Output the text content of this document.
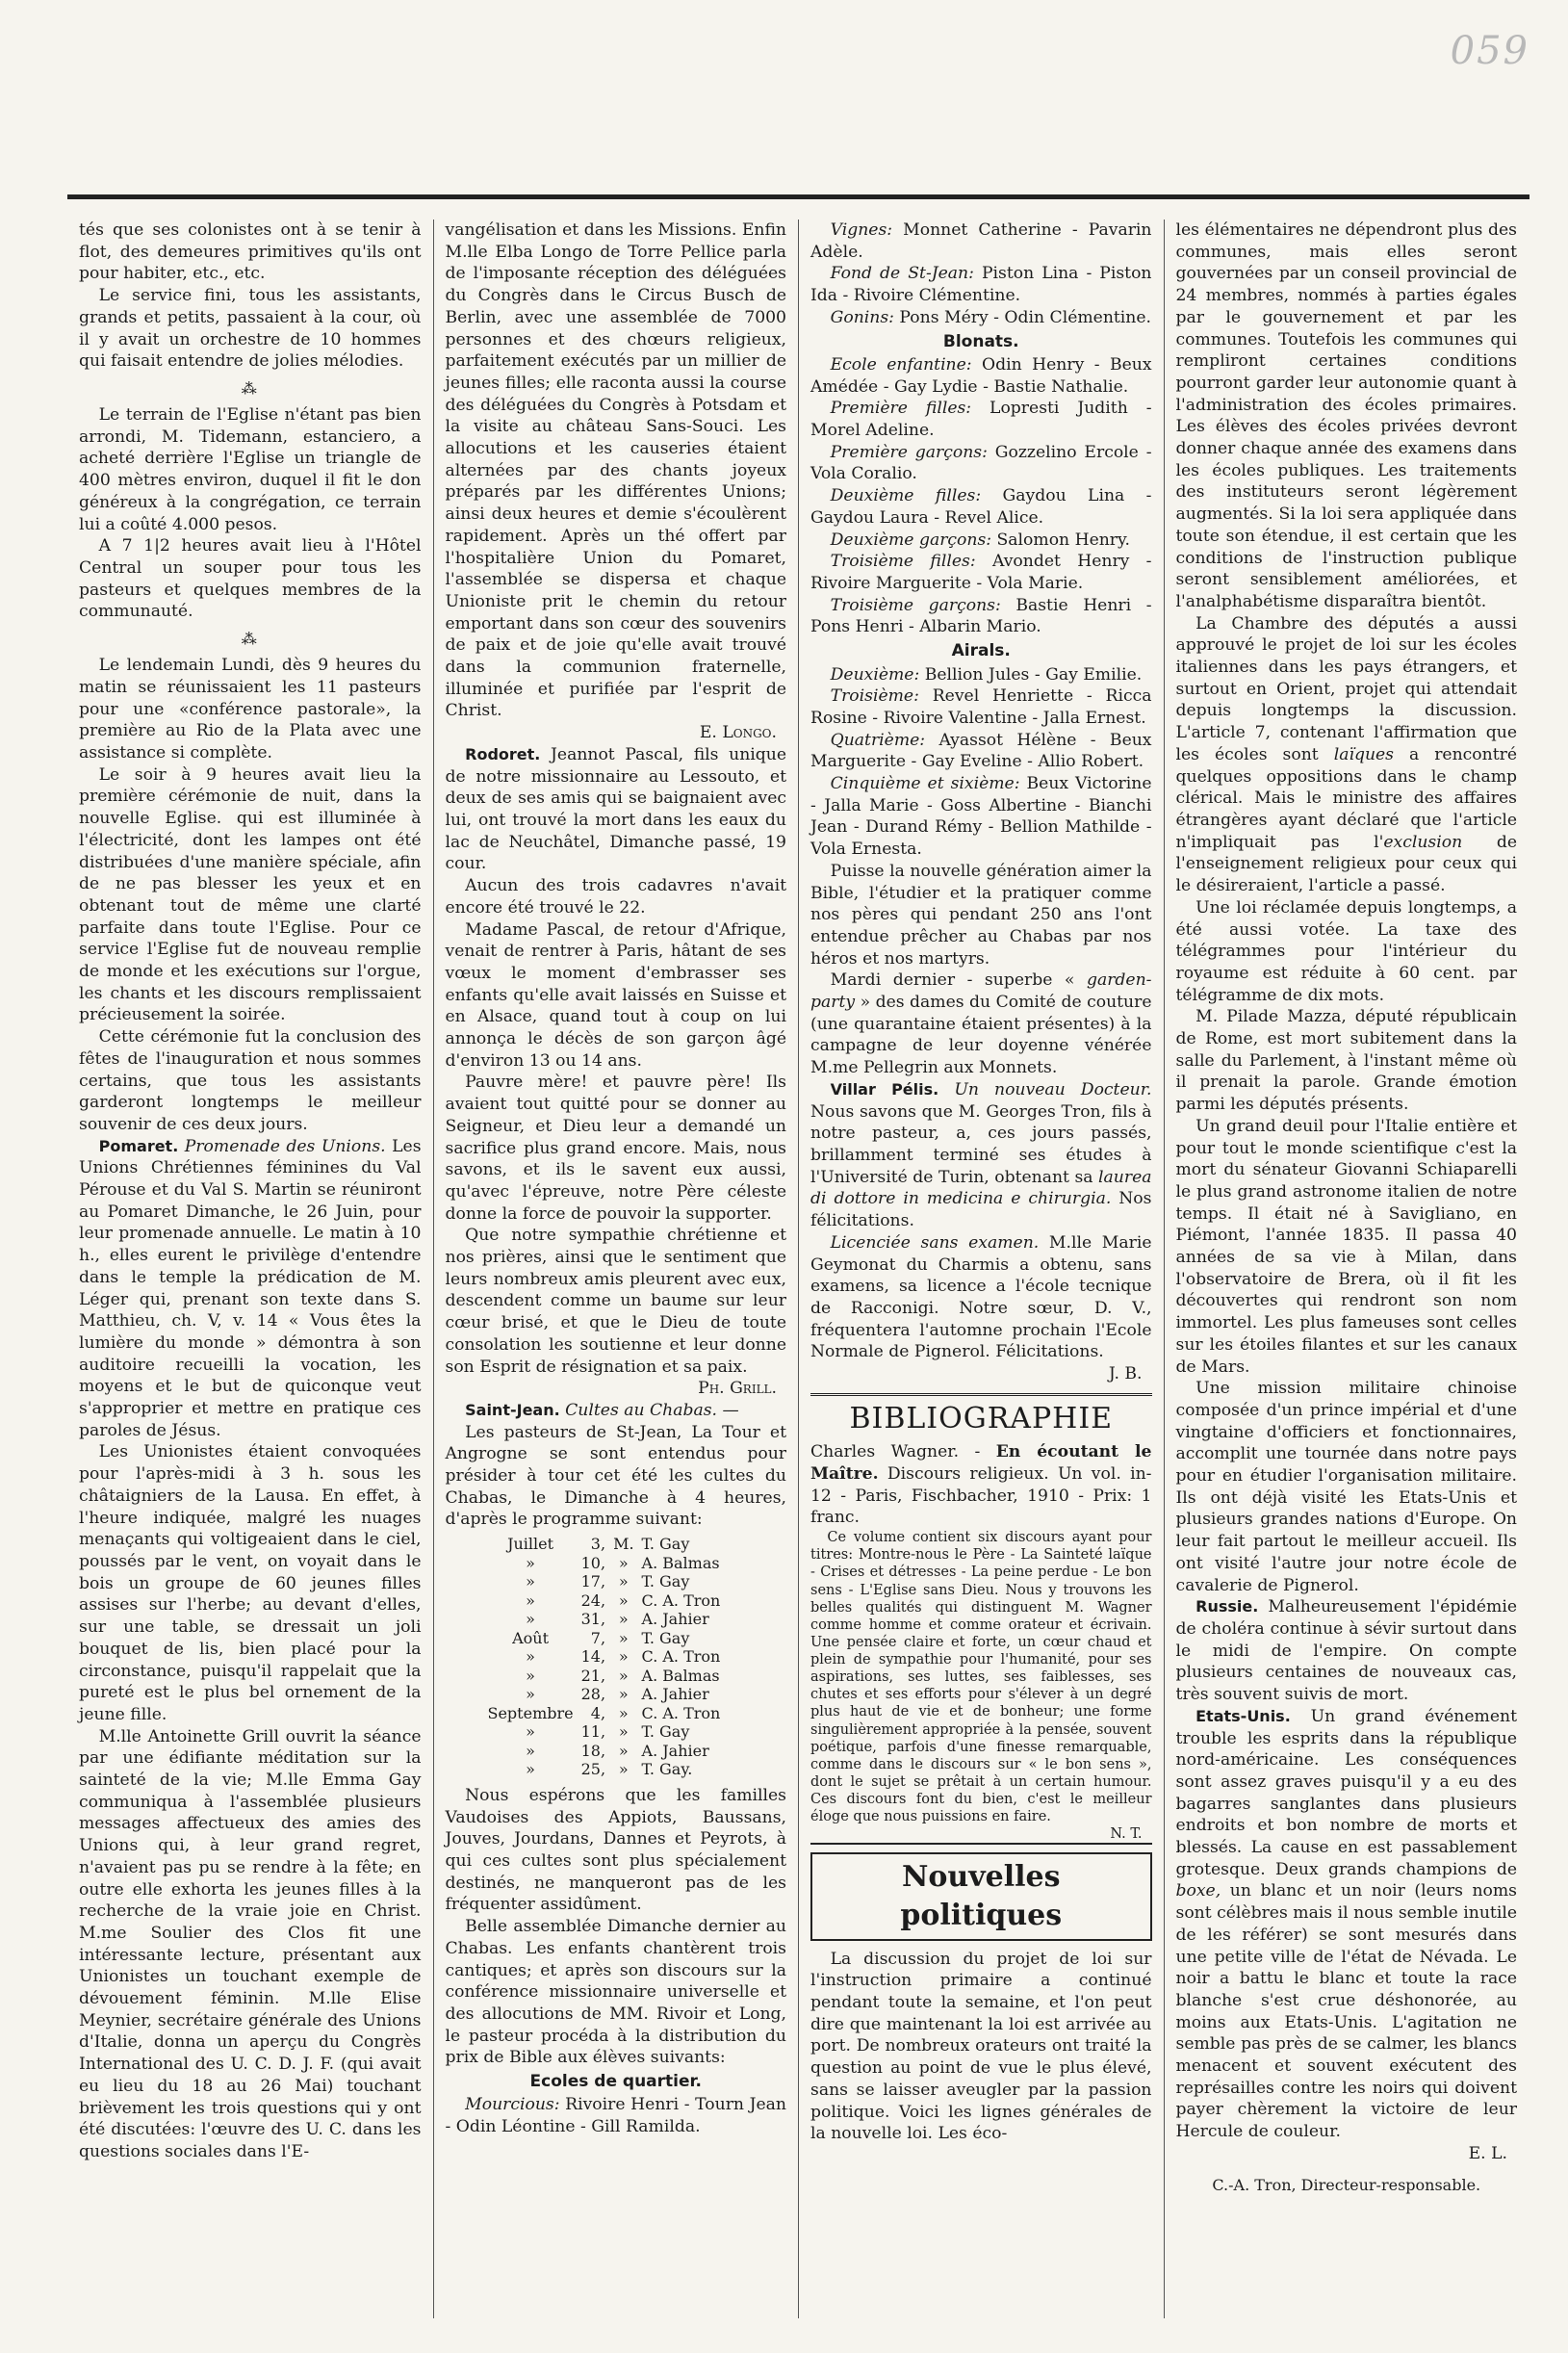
059

tés que ses colonistes ont à se tenir à flot, des demeures primitives qu'ils ont pour habiter, etc., etc.

Le service fini, tous les assistants, grands et petits, passaient à la cour, où il y avait un orchestre de 10 hommes qui faisait entendre de jolies mélodies.

⁂

Le terrain de l'Eglise n'étant pas bien arrondi, M. Tidemann, estanciero, a acheté derrière l'Eglise un triangle de 400 mètres environ, duquel il fit le don généreux à la congrégation, ce terrain lui a coûté 4.000 pesos.

A 7 1|2 heures avait lieu à l'Hôtel Central un souper pour tous les pasteurs et quelques membres de la communauté.

⁂

Le lendemain Lundi, dès 9 heures du matin se réunissaient les 11 pasteurs pour une «conférence pastorale», la première au Rio de la Plata avec une assistance si complète.

Le soir à 9 heures avait lieu la première cérémonie de nuit, dans la nouvelle Eglise. qui est illuminée à l'électricité, dont les lampes ont été distribuées d'une manière spéciale, afin de ne pas blesser les yeux et en obtenant tout de même une clarté parfaite dans toute l'Eglise. Pour ce service l'Eglise fut de nouveau remplie de monde et les exécutions sur l'orgue, les chants et les discours remplissaient précieusement la soirée.

Cette cérémonie fut la conclusion des fêtes de l'inauguration et nous sommes certains, que tous les assistants garderont longtemps le meilleur souvenir de ces deux jours.

Pomaret. Promenade des Unions. Les Unions Chrétiennes féminines du Val Pérouse et du Val S. Martin se réuniront au Pomaret Dimanche, le 26 Juin, pour leur promenade annuelle. Le matin à 10 h., elles eurent le privilège d'entendre dans le temple la prédication de M. Léger qui, prenant son texte dans S. Matthieu, ch. V, v. 14 « Vous êtes la lumière du monde » démontra à son auditoire recueilli la vocation, les moyens et le but de quiconque veut s'approprier et mettre en pratique ces paroles de Jésus.

Les Unionistes étaient convoquées pour l'après-midi à 3 h. sous les châtaigniers de la Lausa. En effet, à l'heure indiquée, malgré les nuages menaçants qui voltigeaient dans le ciel, poussés par le vent, on voyait dans le bois un groupe de 60 jeunes filles assises sur l'herbe; au devant d'elles, sur une table, se dressait un joli bouquet de lis, bien placé pour la circonstance, puisqu'il rappelait que la pureté est le plus bel ornement de la jeune fille.

M.lle Antoinette Grill ouvrit la séance par une édifiante méditation sur la sainteté de la vie; M.lle Emma Gay communiqua à l'assemblée plusieurs messages affectueux des amies des Unions qui, à leur grand regret, n'avaient pas pu se rendre à la fête; en outre elle exhorta les jeunes filles à la recherche de la vraie joie en Christ. M.me Soulier des Clos fit une intéressante lecture, présentant aux Unionistes un touchant exemple de dévouement féminin. M.lle Elise Meynier, secrétaire générale des Unions d'Italie, donna un aperçu du Congrès International des U. C. D. J. F. (qui avait eu lieu du 18 au 26 Mai) touchant brièvement les trois questions qui y ont été discutées: l'œuvre des U. C. dans les questions sociales dans l'E-

vangélisation et dans les Missions. Enfin M.lle Elba Longo de Torre Pellice parla de l'imposante réception des déléguées du Congrès dans le Circus Busch de Berlin, avec une assemblée de 7000 personnes et des chœurs religieux, parfaitement exécutés par un millier de jeunes filles; elle raconta aussi la course des déléguées du Congrès à Potsdam et la visite au château Sans-Souci. Les allocutions et les causeries étaient alternées par des chants joyeux préparés par les différentes Unions; ainsi deux heures et demie s'écoulèrent rapidement. Après un thé offert par l'hospitalière Union du Pomaret, l'assemblée se dispersa et chaque Unioniste prit le chemin du retour emportant dans son cœur des souvenirs de paix et de joie qu'elle avait trouvé dans la communion fraternelle, illuminée et purifiée par l'esprit de Christ.

E. Longo.

Rodoret. Jeannot Pascal, fils unique de notre missionnaire au Lessouto, et deux de ses amis qui se baignaient avec lui, ont trouvé la mort dans les eaux du lac de Neuchâtel, Dimanche passé, 19 cour.

Aucun des trois cadavres n'avait encore été trouvé le 22.

Madame Pascal, de retour d'Afrique, venait de rentrer à Paris, hâtant de ses vœux le moment d'embrasser ses enfants qu'elle avait laissés en Suisse et en Alsace, quand tout à coup on lui annonça le décès de son garçon âgé d'environ 13 ou 14 ans.

Pauvre mère! et pauvre père! Ils avaient tout quitté pour se donner au Seigneur, et Dieu leur a demandé un sacrifice plus grand encore. Mais, nous savons, et ils le savent eux aussi, qu'avec l'épreuve, notre Père céleste donne la force de pouvoir la supporter.

Que notre sympathie chrétienne et nos prières, ainsi que le sentiment que leurs nombreux amis pleurent avec eux, descendent comme un baume sur leur cœur brisé, et que le Dieu de toute consolation les soutienne et leur donne son Esprit de résignation et sa paix.

Ph. Grill.

Saint-Jean. Cultes au Chabas. —

Les pasteurs de St-Jean, La Tour et Angrogne se sont entendus pour présider à tour cet été les cultes du Chabas, le Dimanche à 4 heures, d'après le programme suivant:

Juillet	3,	M.	T. Gay
»	10,	»	A. Balmas
»	17,	»	T. Gay
»	24,	»	C. A. Tron
»	31,	»	A. Jahier
Août	7,	»	T. Gay
»	14,	»	C. A. Tron
»	21,	»	A. Balmas
»	28,	»	A. Jahier
Septembre	4,	»	C. A. Tron
»	11,	»	T. Gay
»	18,	»	A. Jahier
»	25,	»	T. Gay.

Nous espérons que les familles Vaudoises des Appiots, Baussans, Jouves, Jourdans, Dannes et Peyrots, à qui ces cultes sont plus spécialement destinés, ne manqueront pas de les fréquenter assidûment.

Belle assemblée Dimanche dernier au Chabas. Les enfants chantèrent trois cantiques; et après son discours sur la conférence missionnaire universelle et des allocutions de MM. Rivoir et Long, le pasteur procéda à la distribution du prix de Bible aux élèves suivants:

Ecoles de quartier.

Mourcious: Rivoire Henri - Tourn Jean - Odin Léontine - Gill Ramilda.

Vignes: Monnet Catherine - Pavarin Adèle.

Fond de St-Jean: Piston Lina - Piston Ida - Rivoire Clémentine.

Gonins: Pons Méry - Odin Clémentine.

Blonats.

Ecole enfantine: Odin Henry - Beux Amédée - Gay Lydie - Bastie Nathalie.

Première filles: Lopresti Judith - Morel Adeline.

Première garçons: Gozzelino Ercole - Vola Coralio.

Deuxième filles: Gaydou Lina - Gaydou Laura - Revel Alice.

Deuxième garçons: Salomon Henry.

Troisième filles: Avondet Henry - Rivoire Marguerite - Vola Marie.

Troisième garçons: Bastie Henri - Pons Henri - Albarin Mario.

Airals.

Deuxième: Bellion Jules - Gay Emilie.

Troisième: Revel Henriette - Ricca Rosine - Rivoire Valentine - Jalla Ernest.

Quatrième: Ayassot Hélène - Beux Marguerite - Gay Eveline - Allio Robert.

Cinquième et sixième: Beux Victorine - Jalla Marie - Goss Albertine - Bianchi Jean - Durand Rémy - Bellion Mathilde - Vola Ernesta.

Puisse la nouvelle génération aimer la Bible, l'étudier et la pratiquer comme nos pères qui pendant 250 ans l'ont entendue prêcher au Chabas par nos héros et nos martyrs.

Mardi dernier - superbe « garden-party » des dames du Comité de couture (une quarantaine étaient présentes) à la campagne de leur doyenne vénérée M.me Pellegrin aux Monnets.

Villar Pélis. Un nouveau Docteur. Nous savons que M. Georges Tron, fils à notre pasteur, a, ces jours passés, brillamment terminé ses études à l'Université de Turin, obtenant sa laurea di dottore in medicina e chirurgia. Nos félicitations.

Licenciée sans examen. M.lle Marie Geymonat du Charmis a obtenu, sans examens, sa licence a l'école tecnique de Racconigi. Notre sœur, D. V., fréquentera l'automne prochain l'Ecole Normale de Pignerol. Félicitations.

J. B.
BIBLIOGRAPHIE

Charles Wagner. - En écoutant le Maître. Discours religieux. Un vol. in-12 - Paris, Fischbacher, 1910 - Prix: 1 franc.

Ce volume contient six discours ayant pour titres: Montre-nous le Père - La Sainteté laïque - Crises et détresses - La peine perdue - Le bon sens - L'Eglise sans Dieu. Nous y trouvons les belles qualités qui distinguent M. Wagner comme homme et comme orateur et écrivain. Une pensée claire et forte, un cœur chaud et plein de sympathie pour l'humanité, pour ses aspirations, ses luttes, ses faiblesses, ses chutes et ses efforts pour s'élever à un degré plus haut de vie et de bonheur; une forme singulièrement appropriée à la pensée, souvent poétique, parfois d'une finesse remarquable, comme dans le discours sur « le bon sens », dont le sujet se prêtait à un certain humour. Ces discours font du bien, c'est le meilleur éloge que nous puissions en faire.

N. T.
Nouvelles politiques

La discussion du projet de loi sur l'instruction primaire a continué pendant toute la semaine, et l'on peut dire que maintenant la loi est arrivée au port. De nombreux orateurs ont traité la question au point de vue le plus élevé, sans se laisser aveugler par la passion politique. Voici les lignes générales de la nouvelle loi. Les éco-

les élémentaires ne dépendront plus des communes, mais elles seront gouvernées par un conseil provincial de 24 membres, nommés à parties égales par le gouvernement et par les communes. Toutefois les communes qui rempliront certaines conditions pourront garder leur autonomie quant à l'administration des écoles primaires. Les élèves des écoles privées devront donner chaque année des examens dans les écoles publiques. Les traitements des instituteurs seront légèrement augmentés. Si la loi sera appliquée dans toute son étendue, il est certain que les conditions de l'instruction publique seront sensiblement améliorées, et l'analphabétisme disparaîtra bientôt.

La Chambre des députés a aussi approuvé le projet de loi sur les écoles italiennes dans les pays étrangers, et surtout en Orient, projet qui attendait depuis longtemps la discussion. L'article 7, contenant l'affirmation que les écoles sont laïques a rencontré quelques oppositions dans le champ clérical. Mais le ministre des affaires étrangères ayant déclaré que l'article n'impliquait pas l'exclusion de l'enseignement religieux pour ceux qui le désireraient, l'article a passé.

Une loi réclamée depuis longtemps, a été aussi votée. La taxe des télégrammes pour l'intérieur du royaume est réduite à 60 cent. par télégramme de dix mots.

M. Pilade Mazza, député républicain de Rome, est mort subitement dans la salle du Parlement, à l'instant même où il prenait la parole. Grande émotion parmi les députés présents.

Un grand deuil pour l'Italie entière et pour tout le monde scientifique c'est la mort du sénateur Giovanni Schiaparelli le plus grand astronome italien de notre temps. Il était né à Savigliano, en Piémont, l'année 1835. Il passa 40 années de sa vie à Milan, dans l'observatoire de Brera, où il fit les découvertes qui rendront son nom immortel. Les plus fameuses sont celles sur les étoiles filantes et sur les canaux de Mars.

Une mission militaire chinoise composée d'un prince impérial et d'une vingtaine d'officiers et fonctionnaires, accomplit une tournée dans notre pays pour en étudier l'organisation militaire. Ils ont déjà visité les Etats-Unis et plusieurs grandes nations d'Europe. On leur fait partout le meilleur accueil. Ils ont visité l'autre jour notre école de cavalerie de Pignerol.

Russie. Malheureusement l'épidémie de choléra continue à sévir surtout dans le midi de l'empire. On compte plusieurs centaines de nouveaux cas, très souvent suivis de mort.

Etats-Unis. Un grand événement trouble les esprits dans la république nord-américaine. Les conséquences sont assez graves puisqu'il y a eu des bagarres sanglantes dans plusieurs endroits et bon nombre de morts et blessés. La cause en est passablement grotesque. Deux grands champions de boxe, un blanc et un noir (leurs noms sont célèbres mais il nous semble inutile de les référer) se sont mesurés dans une petite ville de l'état de Névada. Le noir a battu le blanc et toute la race blanche s'est crue déshonorée, au moins aux Etats-Unis. L'agitation ne semble pas près de se calmer, les blancs menacent et souvent exécutent des représailles contre les noirs qui doivent payer chèrement la victoire de leur Hercule de couleur.

E. L.
C.-A. Tron, Directeur-responsable.
